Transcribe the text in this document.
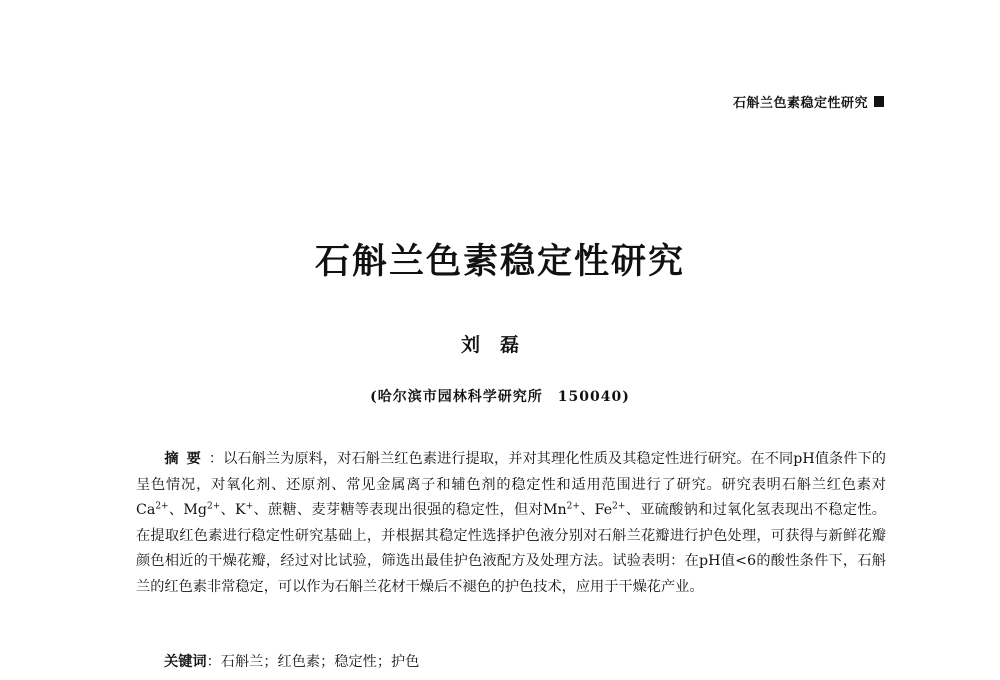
石斛兰色素稳定性研究
石斛兰色素稳定性研究
刘磊
(哈尔滨市园林科学研究所　150040)

摘要：以石斛兰为原料，对石斛兰红色素进行提取，并对其理化性质及其稳定性进行研究。在不同pH值条件下的呈色情况，对氧化剂、还原剂、常见金属离子和辅色剂的稳定性和适用范围进行了研究。研究表明石斛兰红色素对$Ca^{2+}$、$Mg^{2+}$、K+、蔗糖、麦芽糖等表现出很强的稳定性，但对$Mn^{2+}$、$Fe^{2+}$、亚硫酸钠和过氧化氢表现出不稳定性。在提取红色素进行稳定性研究基础上，并根据其稳定性选择护色液分别对石斛兰花瓣进行护色处理，可获得与新鲜花瓣颜色相近的干燥花瓣，经过对比试验，筛选出最佳护色液配方及处理方法。试验表明：在pH值<6的酸性条件下，石斛兰的红色素非常稳定，可以作为石斛兰花材干燥后不褪色的护色技术，应用于干燥花产业。

关键词：石斛兰；红色素；稳定性；护色
